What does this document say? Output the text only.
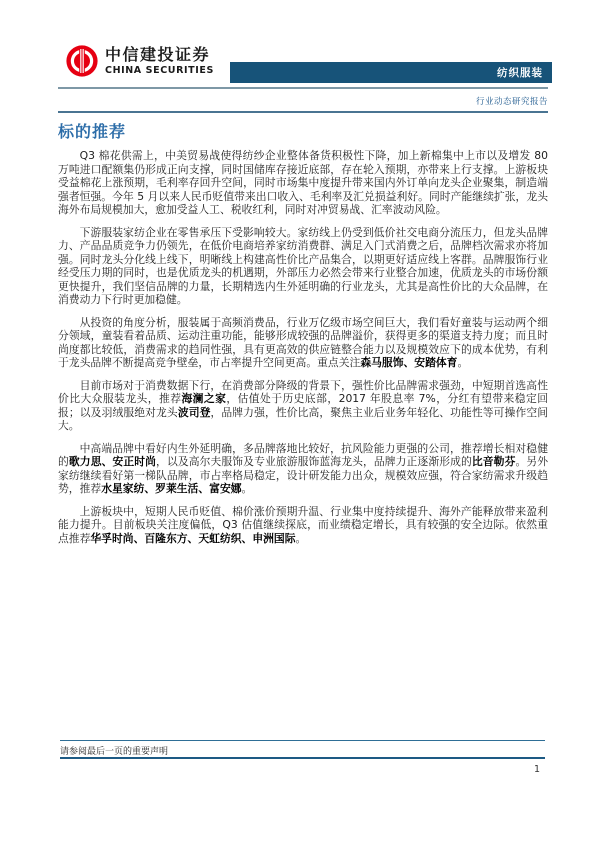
中信建投证券
CHINA SECURITIES	纺织服装
行业动态研究报告
标的推荐

Q3 棉花供需上，中美贸易战使得纺纱企业整体备货积极性下降，加上新棉集中上市以及增发 80 万吨进口配额集仍形成正向支撑，同时国储库存接近底部，存在轮入预期，亦带来上行支撑。上游板块受益棉花上涨预期，毛利率存回升空间，同时市场集中度提升带来国内外订单向龙头企业聚集，制造端强者恒强。今年 5 月以来人民币贬值带来出口收入、毛利率及汇兑损益利好。同时产能继续扩张，龙头海外布局规模加大，愈加受益人工、税收红利，同时对冲贸易战、汇率波动风险。

下游服装家纺企业在零售承压下受影响较大。家纺线上仍受到低价社交电商分流压力，但龙头品牌力、产品品质竞争力仍领先，在低价电商培养家纺消费群、满足入门式消费之后，品牌档次需求亦将加强。同时龙头分化线上线下，明晰线上构建高性价比产品集合，以期更好适应线上客群。品牌服饰行业经受压力期的同时，也是优质龙头的机遇期，外部压力必然会带来行业整合加速，优质龙头的市场份额更快提升，我们坚信品牌的力量，长期精选内生外延明确的行业龙头，尤其是高性价比的大众品牌，在消费动力下行时更加稳健。

从投资的角度分析，服装属于高频消费品，行业万亿级市场空间巨大，我们看好童装与运动两个细分领域，童装看着品质、运动注重功能，能够形成较强的品牌溢价，获得更多的渠道支持力度；而且时尚度都比较低，消费需求的趋同性强，具有更高效的供应链整合能力以及规模效应下的成本优势，有利于龙头品牌不断提高竞争壁垒，市占率提升空间更高。重点关注森马服饰、安踏体育。

目前市场对于消费数据下行，在消费部分降级的背景下，强性价比品牌需求强劲，中短期首选高性价比大众服装龙头，推荐海澜之家，估值处于历史底部，2017 年股息率 7%，分红有望带来稳定回报；以及羽绒服绝对龙头波司登，品牌力强，性价比高，聚焦主业后业务年轻化、功能性等可操作空间大。

中高端品牌中看好内生外延明确，多品牌落地比较好，抗风险能力更强的公司，推荐增长相对稳健的歌力思、安正时尚，以及高尔夫服饰及专业旅游服饰蓝海龙头，品牌力正逐渐形成的比音勒芬。另外家纺继续看好第一梯队品牌，市占率格局稳定，设计研发能力出众，规模效应强，符合家纺需求升级趋势，推荐水星家纺、罗莱生活、富安娜。

上游板块中，短期人民币贬值、棉价涨价预期升温、行业集中度持续提升、海外产能释放带来盈利能力提升。目前板块关注度偏低，Q3 估值继续探底，而业绩稳定增长，具有较强的安全边际。依然重点推荐华孚时尚、百隆东方、天虹纺织、申洲国际。

请参阅最后一页的重要声明
1
